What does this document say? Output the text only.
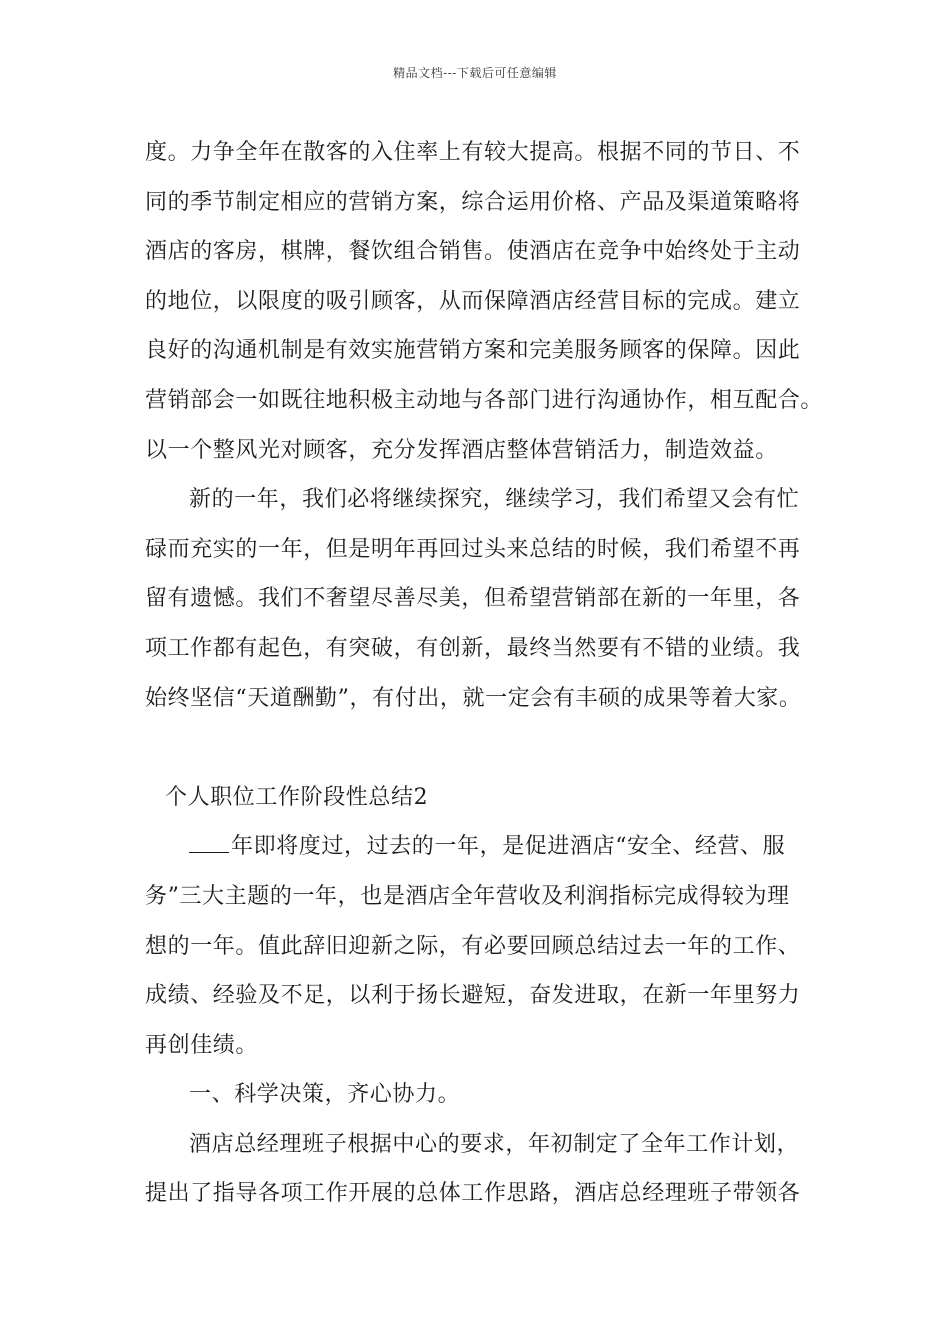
精品文档---下载后可任意编辑
度。力争全年在散客的入住率上有较大提高。根据不同的节日、不
同的季节制定相应的营销方案，综合运用价格、产品及渠道策略将
酒店的客房，棋牌，餐饮组合销售。使酒店在竞争中始终处于主动
的地位，以限度的吸引顾客，从而保障酒店经营目标的完成。建立
良好的沟通机制是有效实施营销方案和完美服务顾客的保障。因此
营销部会一如既往地积极主动地与各部门进行沟通协作，相互配合。
以一个整风光对顾客，充分发挥酒店整体营销活力，制造效益。
新的一年，我们必将继续探究，继续学习，我们希望又会有忙
碌而充实的一年，但是明年再回过头来总结的时候，我们希望不再
留有遗憾。我们不奢望尽善尽美，但希望营销部在新的一年里，各
项工作都有起色，有突破，有创新，最终当然要有不错的业绩。我
始终坚信“天道酬勤”，有付出，就一定会有丰硕的成果等着大家。
个人职位工作阶段性总结2
年即将度过，过去的一年，是促进酒店“安全、经营、服
务”三大主题的一年，也是酒店全年营收及利润指标完成得较为理
想的一年。值此辞旧迎新之际，有必要回顾总结过去一年的工作、
成绩、经验及不足，以利于扬长避短，奋发进取，在新一年里努力
再创佳绩。
一、科学决策，齐心协力。
酒店总经理班子根据中心的要求，年初制定了全年工作计划，
提出了指导各项工作开展的总体工作思路，酒店总经理班子带领各
